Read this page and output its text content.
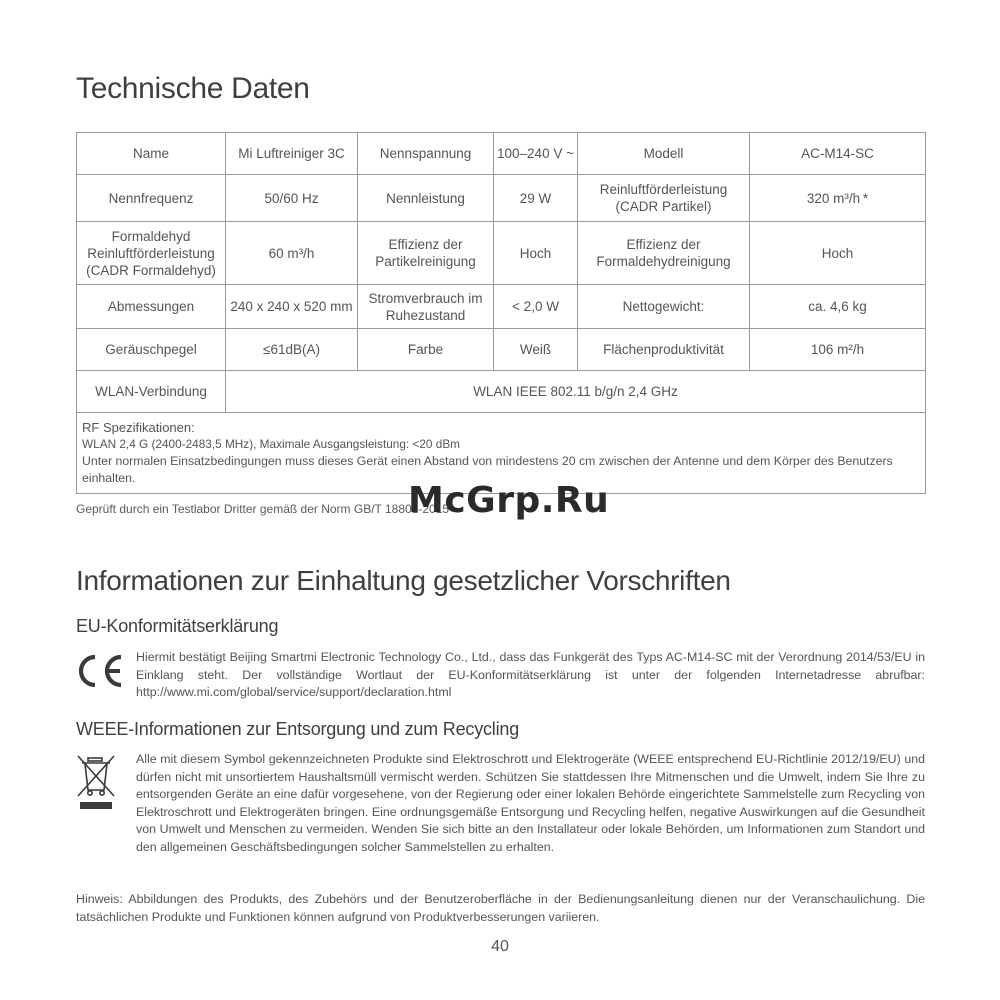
Technische Daten
Name	Mi Luftreiniger 3C	Nennspannung	100–240 V ~	Modell	AC-M14-SC
Nennfrequenz	50/60 Hz	Nennleistung	29 W	Reinluftförderleistung (CADR Partikel)	320 m³/h *
Formaldehyd Reinluftförderleistung (CADR Formaldehyd)	60 m³/h	Effizienz der Partikelreinigung	Hoch	Effizienz der Formaldehydreinigung	Hoch
Abmessungen	240 x 240 x 520 mm	Stromverbrauch im Ruhezustand	< 2,0 W	Nettogewicht:	ca. 4,6 kg
Geräuschpegel	≤61dB(A)	Farbe	Weiß	Flächenproduktivität	106 m²/h
WLAN-Verbindung	WLAN IEEE 802.11 b/g/n 2,4 GHz				

RF Spezifikationen:
WLAN 2,4 G (2400-2483,5 MHz), Maximale Ausgangsleistung: <20 dBm
Unter normalen Einsatzbedingungen muss dieses Gerät einen Abstand von mindestens 20 cm zwischen der Antenne und dem Körper des Benutzers einhalten.					
Geprüft durch ein Testlabor Dritter gemäß der Norm GB/T 18801-2015
McGrp.Ru
Informationen zur Einhaltung gesetzlicher Vorschriften
EU-Konformitätserklärung
Hiermit bestätigt Beijing Smartmi Electronic Technology Co., Ltd., dass das Funkgerät des Typs AC-M14-SC mit der Verordnung 2014/53/EU in Einklang steht. Der vollständige Wortlaut der EU-Konformitätserklärung ist unter der folgenden Internetadresse abrufbar: http://www.mi.com/global/service/support/declaration.html
WEEE-Informationen zur Entsorgung und zum Recycling
Alle mit diesem Symbol gekennzeichneten Produkte sind Elektroschrott und Elektrogeräte (WEEE entsprechend EU-Richtlinie 2012/19/EU) und dürfen nicht mit unsortiertem Haushaltsmüll vermischt werden. Schützen Sie stattdessen Ihre Mitmenschen und die Umwelt, indem Sie Ihre zu entsorgenden Geräte an eine dafür vorgesehene, von der Regierung oder einer lokalen Behörde eingerichtete Sammelstelle zum Recycling von Elektroschrott und Elektrogeräten bringen. Eine ordnungsgemäße Entsorgung und Recycling helfen, negative Auswirkungen auf die Gesundheit von Umwelt und Menschen zu vermeiden. Wenden Sie sich bitte an den Installateur oder lokale Behörden, um Informationen zum Standort und den allgemeinen Geschäftsbedingungen solcher Sammelstellen zu erhalten.
Hinweis: Abbildungen des Produkts, des Zubehörs und der Benutzeroberfläche in der Bedienungsanleitung dienen nur der Veranschaulichung. Die tatsächlichen Produkte und Funktionen können aufgrund von Produktverbesserungen variieren.
40
